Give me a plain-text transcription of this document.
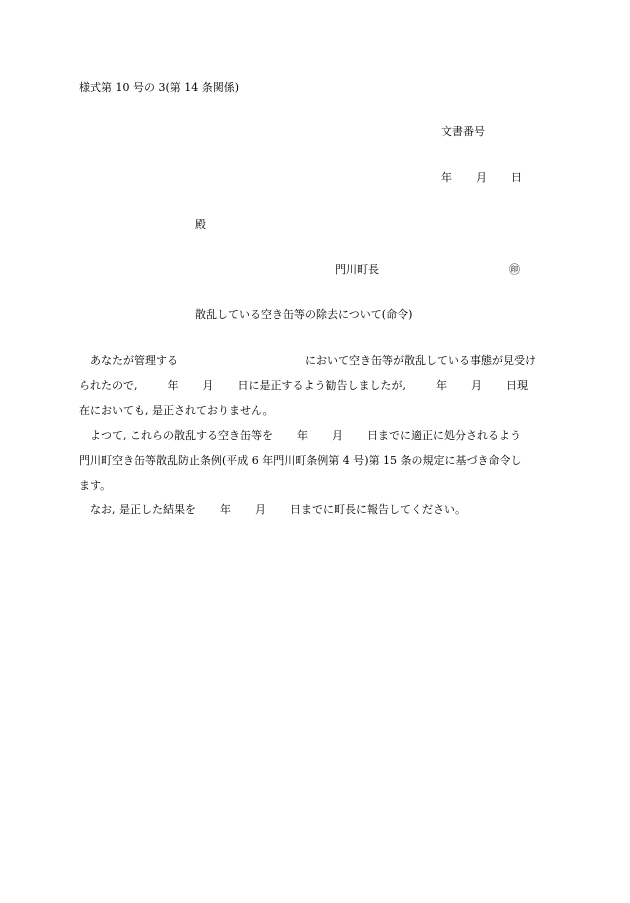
様式第 10 号の 3(第 14 条関係)
文書番号
年 月 日
殿
門川町長	㊞
散乱している空き缶等の除去について(命令)
あなたが管理する	において空き缶等が散乱している事態が見受け
られたので,	年 月 日に是正するよう勧告しましたが,	年 月 日現
在においても, 是正されておりません。
よつて, これらの散乱する空き缶等を 年 月 日までに適正に処分されるよう
門川町空き缶等散乱防止条例(平成 6 年門川町条例第 4 号)第 15 条の規定に基づき命令し
ます。
なお, 是正した結果を 年 月 日までに町長に報告してください。
